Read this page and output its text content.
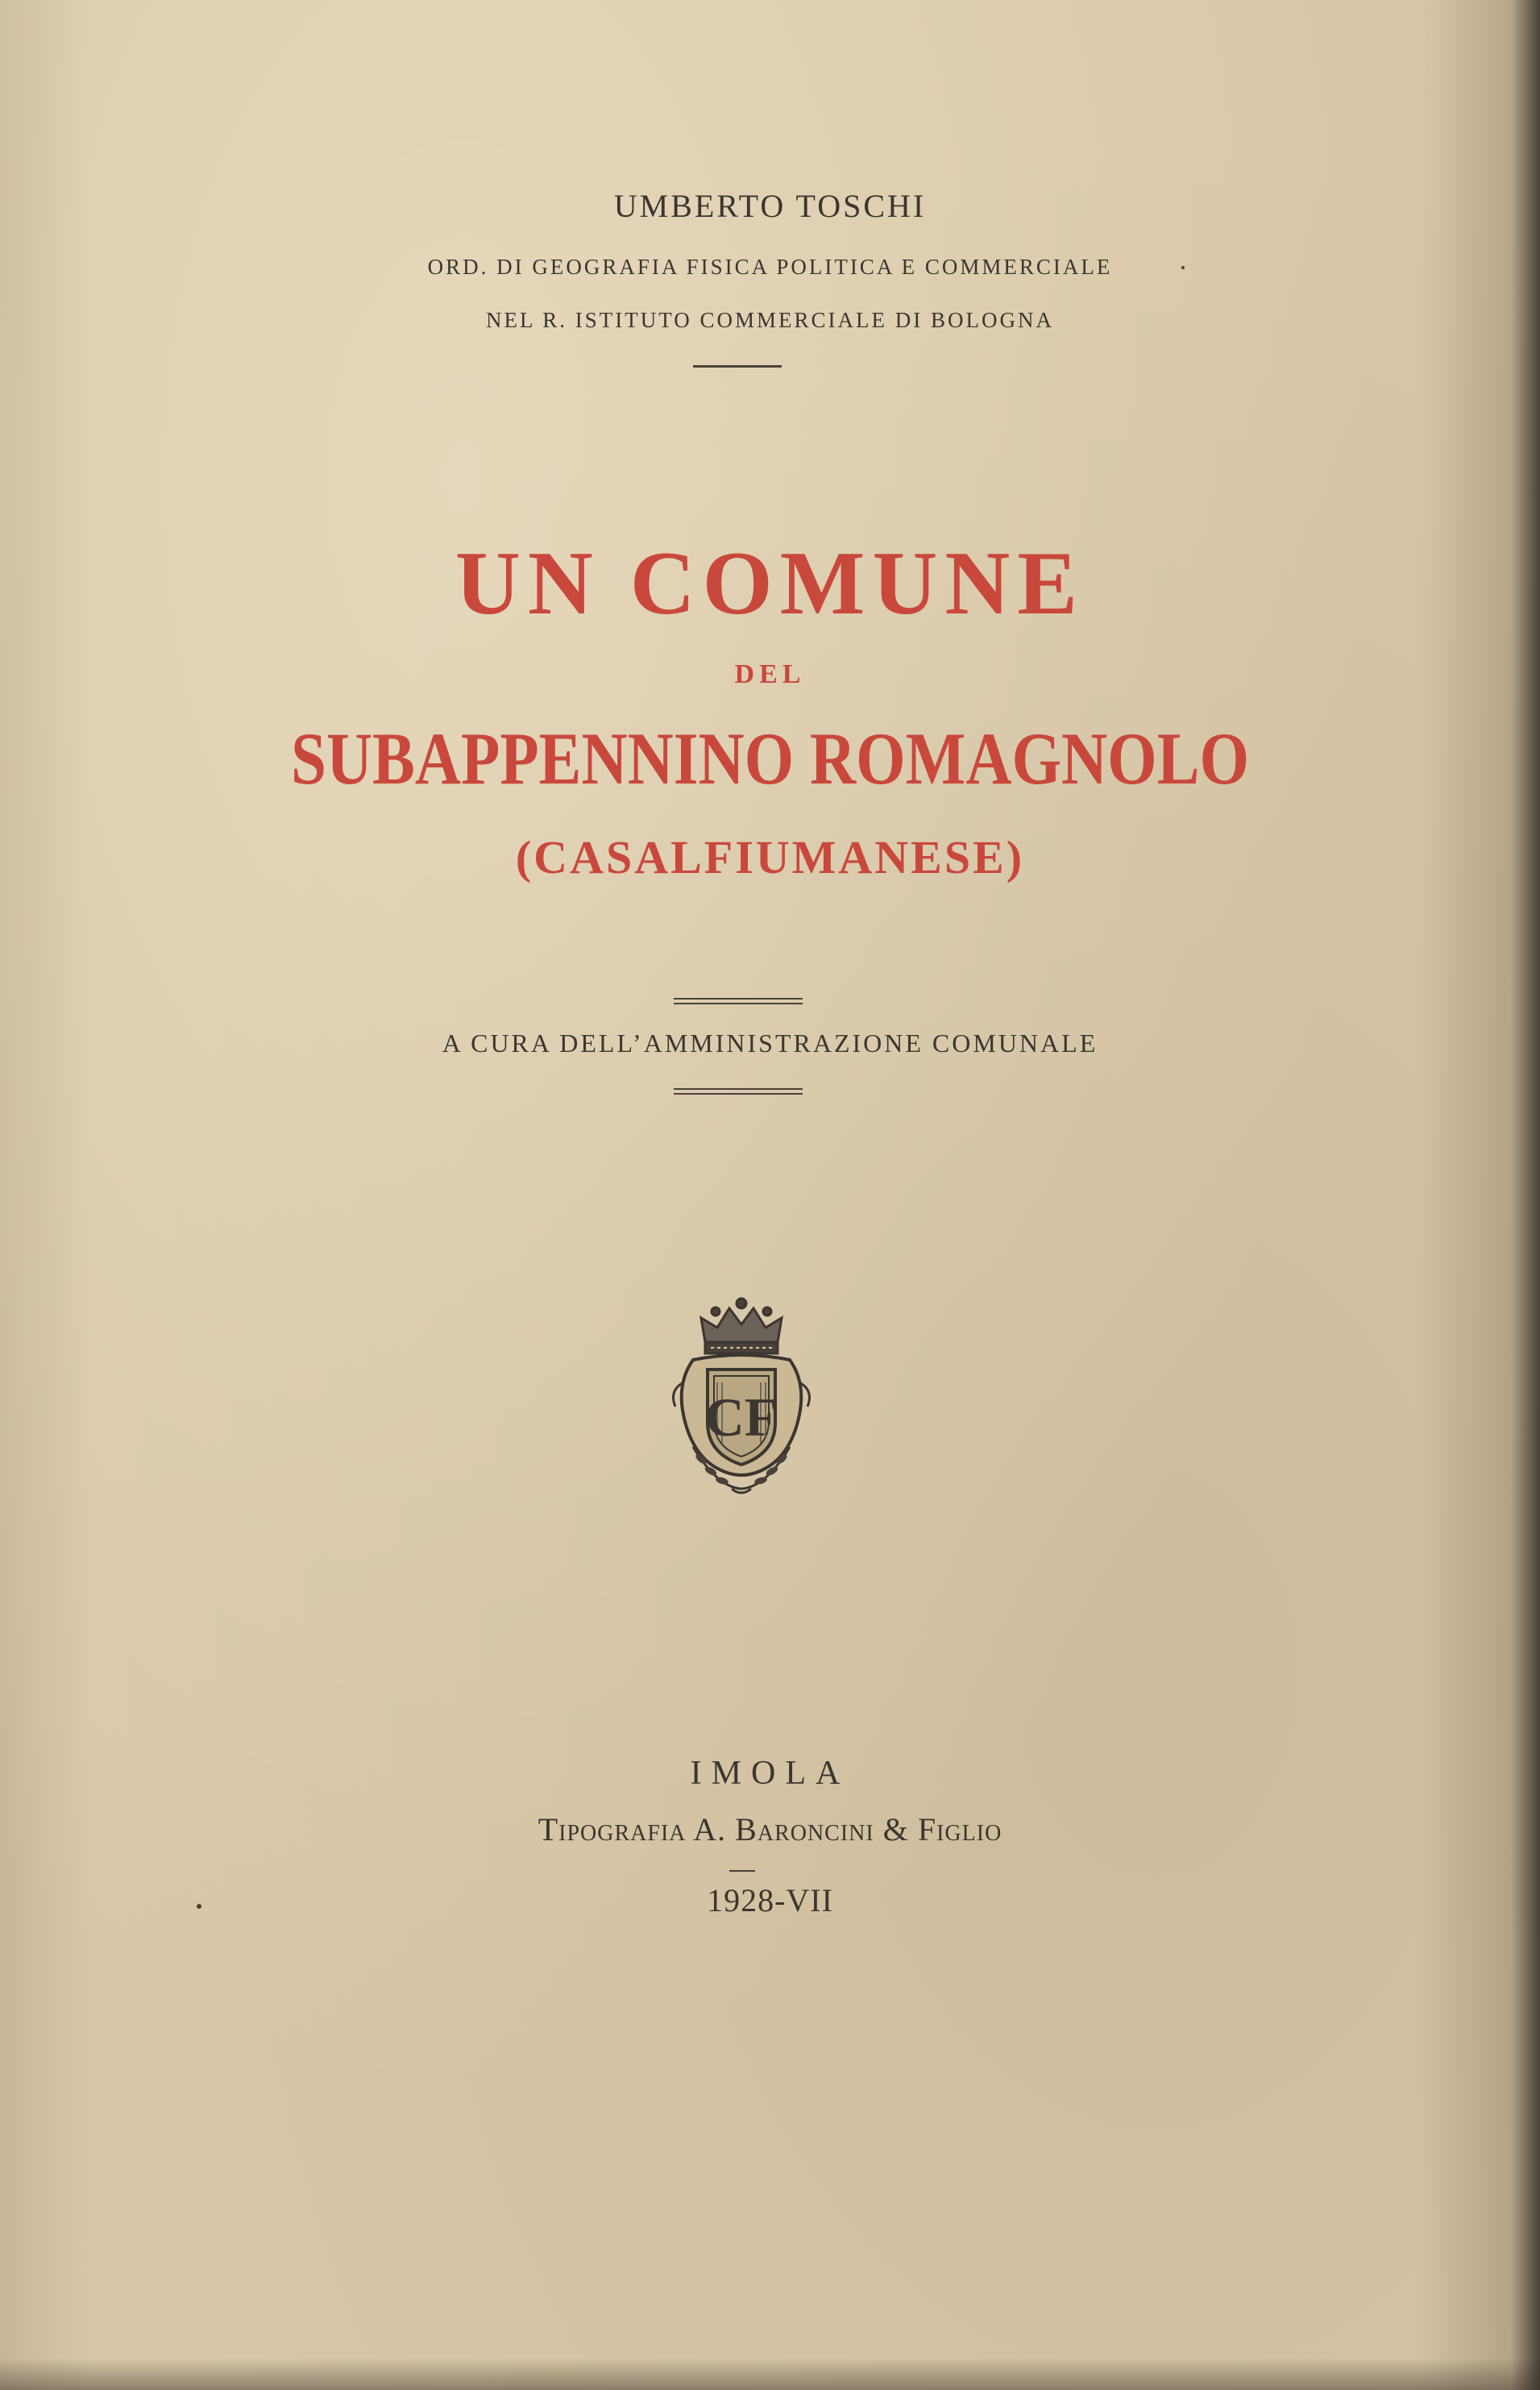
UMBERTO TOSCHI
ORD. DI GEOGRAFIA FISICA POLITICA E COMMERCIALE
NEL R. ISTITUTO COMMERCIALE DI BOLOGNA
UN COMUNE
DEL
SUBAPPENNINO ROMAGNOLO
(CASALFIUMANESE)
A CURA DELL’AMMINISTRAZIONE COMUNALE
CF
IMOLA
Tipografia A. Baroncini & Figlio
1928-VII
